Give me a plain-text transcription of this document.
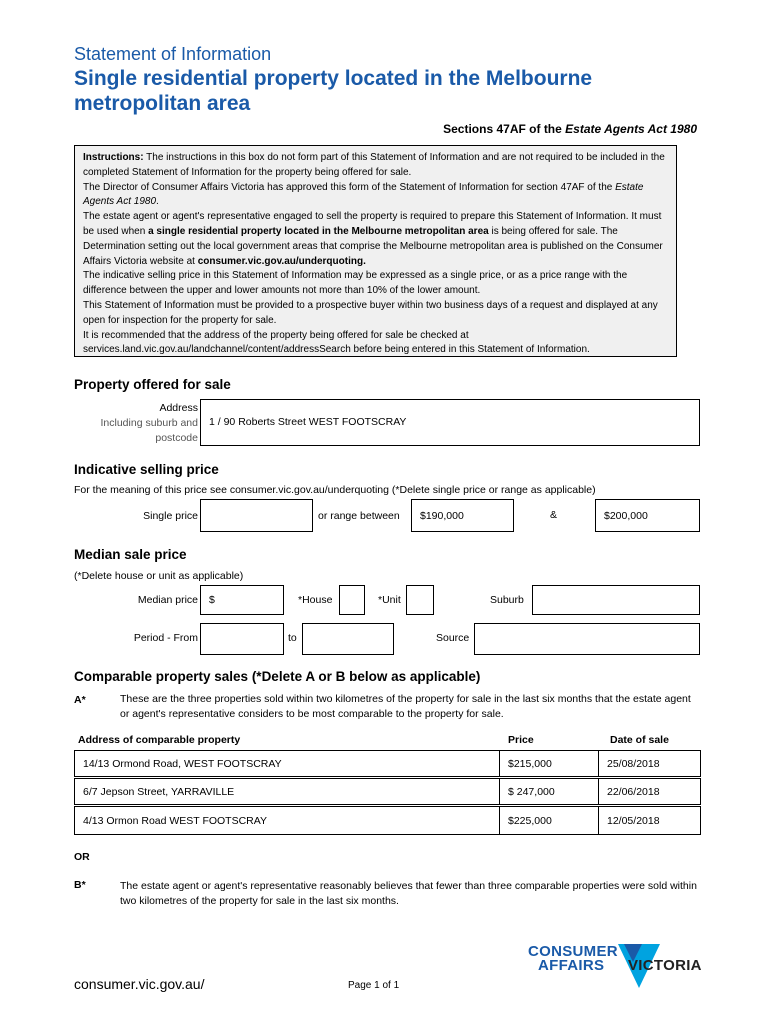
Statement of Information
Single residential property located in the Melbourne metropolitan area
Sections 47AF of the Estate Agents Act 1980

Instructions: The instructions in this box do not form part of this Statement of Information and are not required to be included in the completed Statement of Information for the property being offered for sale.

The Director of Consumer Affairs Victoria has approved this form of the Statement of Information for section 47AF of the Estate Agents Act 1980.

The estate agent or agent's representative engaged to sell the property is required to prepare this Statement of Information. It must be used when a single residential property located in the Melbourne metropolitan area is being offered for sale. The Determination setting out the local government areas that comprise the Melbourne metropolitan area is published on the Consumer Affairs Victoria website at consumer.vic.gov.au/underquoting.

The indicative selling price in this Statement of Information may be expressed as a single price, or as a price range with the difference between the upper and lower amounts not more than 10% of the lower amount.

This Statement of Information must be provided to a prospective buyer within two business days of a request and displayed at any open for inspection for the property for sale.

It is recommended that the address of the property being offered for sale be checked at services.land.vic.gov.au/landchannel/content/addressSearch before being entered in this Statement of Information.

Property offered for sale
Address
Including suburb and
postcode
1 / 90 Roberts Street WEST FOOTSCRAY
Indicative selling price
For the meaning of this price see consumer.vic.gov.au/underquoting (*Delete single price or range as applicable)
Single price	or range between	$190,000	&	$200,000
Median sale price
(*Delete house or unit as applicable)
Median price	$	*House	*Unit	Suburb
Period - From	to	Source
Comparable property sales (*Delete A or B below as applicable)
A*	These are the three properties sold within two kilometres of the property for sale in the last six months that the estate agent or agent's representative considers to be most comparable to the property for sale.
Address of comparable property	Price	Date of sale
14/13 Ormond Road, WEST FOOTSCRAY	$215,000	25/08/2018
6/7 Jepson Street, YARRAVILLE	$ 247,000	22/06/2018
4/13 Ormon Road WEST FOOTSCRAY	$225,000	12/05/2018
OR
B*	The estate agent or agent's representative reasonably believes that fewer than three comparable properties were sold within two kilometres of the property for sale in the last six months.
consumer.vic.gov.au/	Page 1 of 1
CONSUMER
AFFAIRS VICTORIA
